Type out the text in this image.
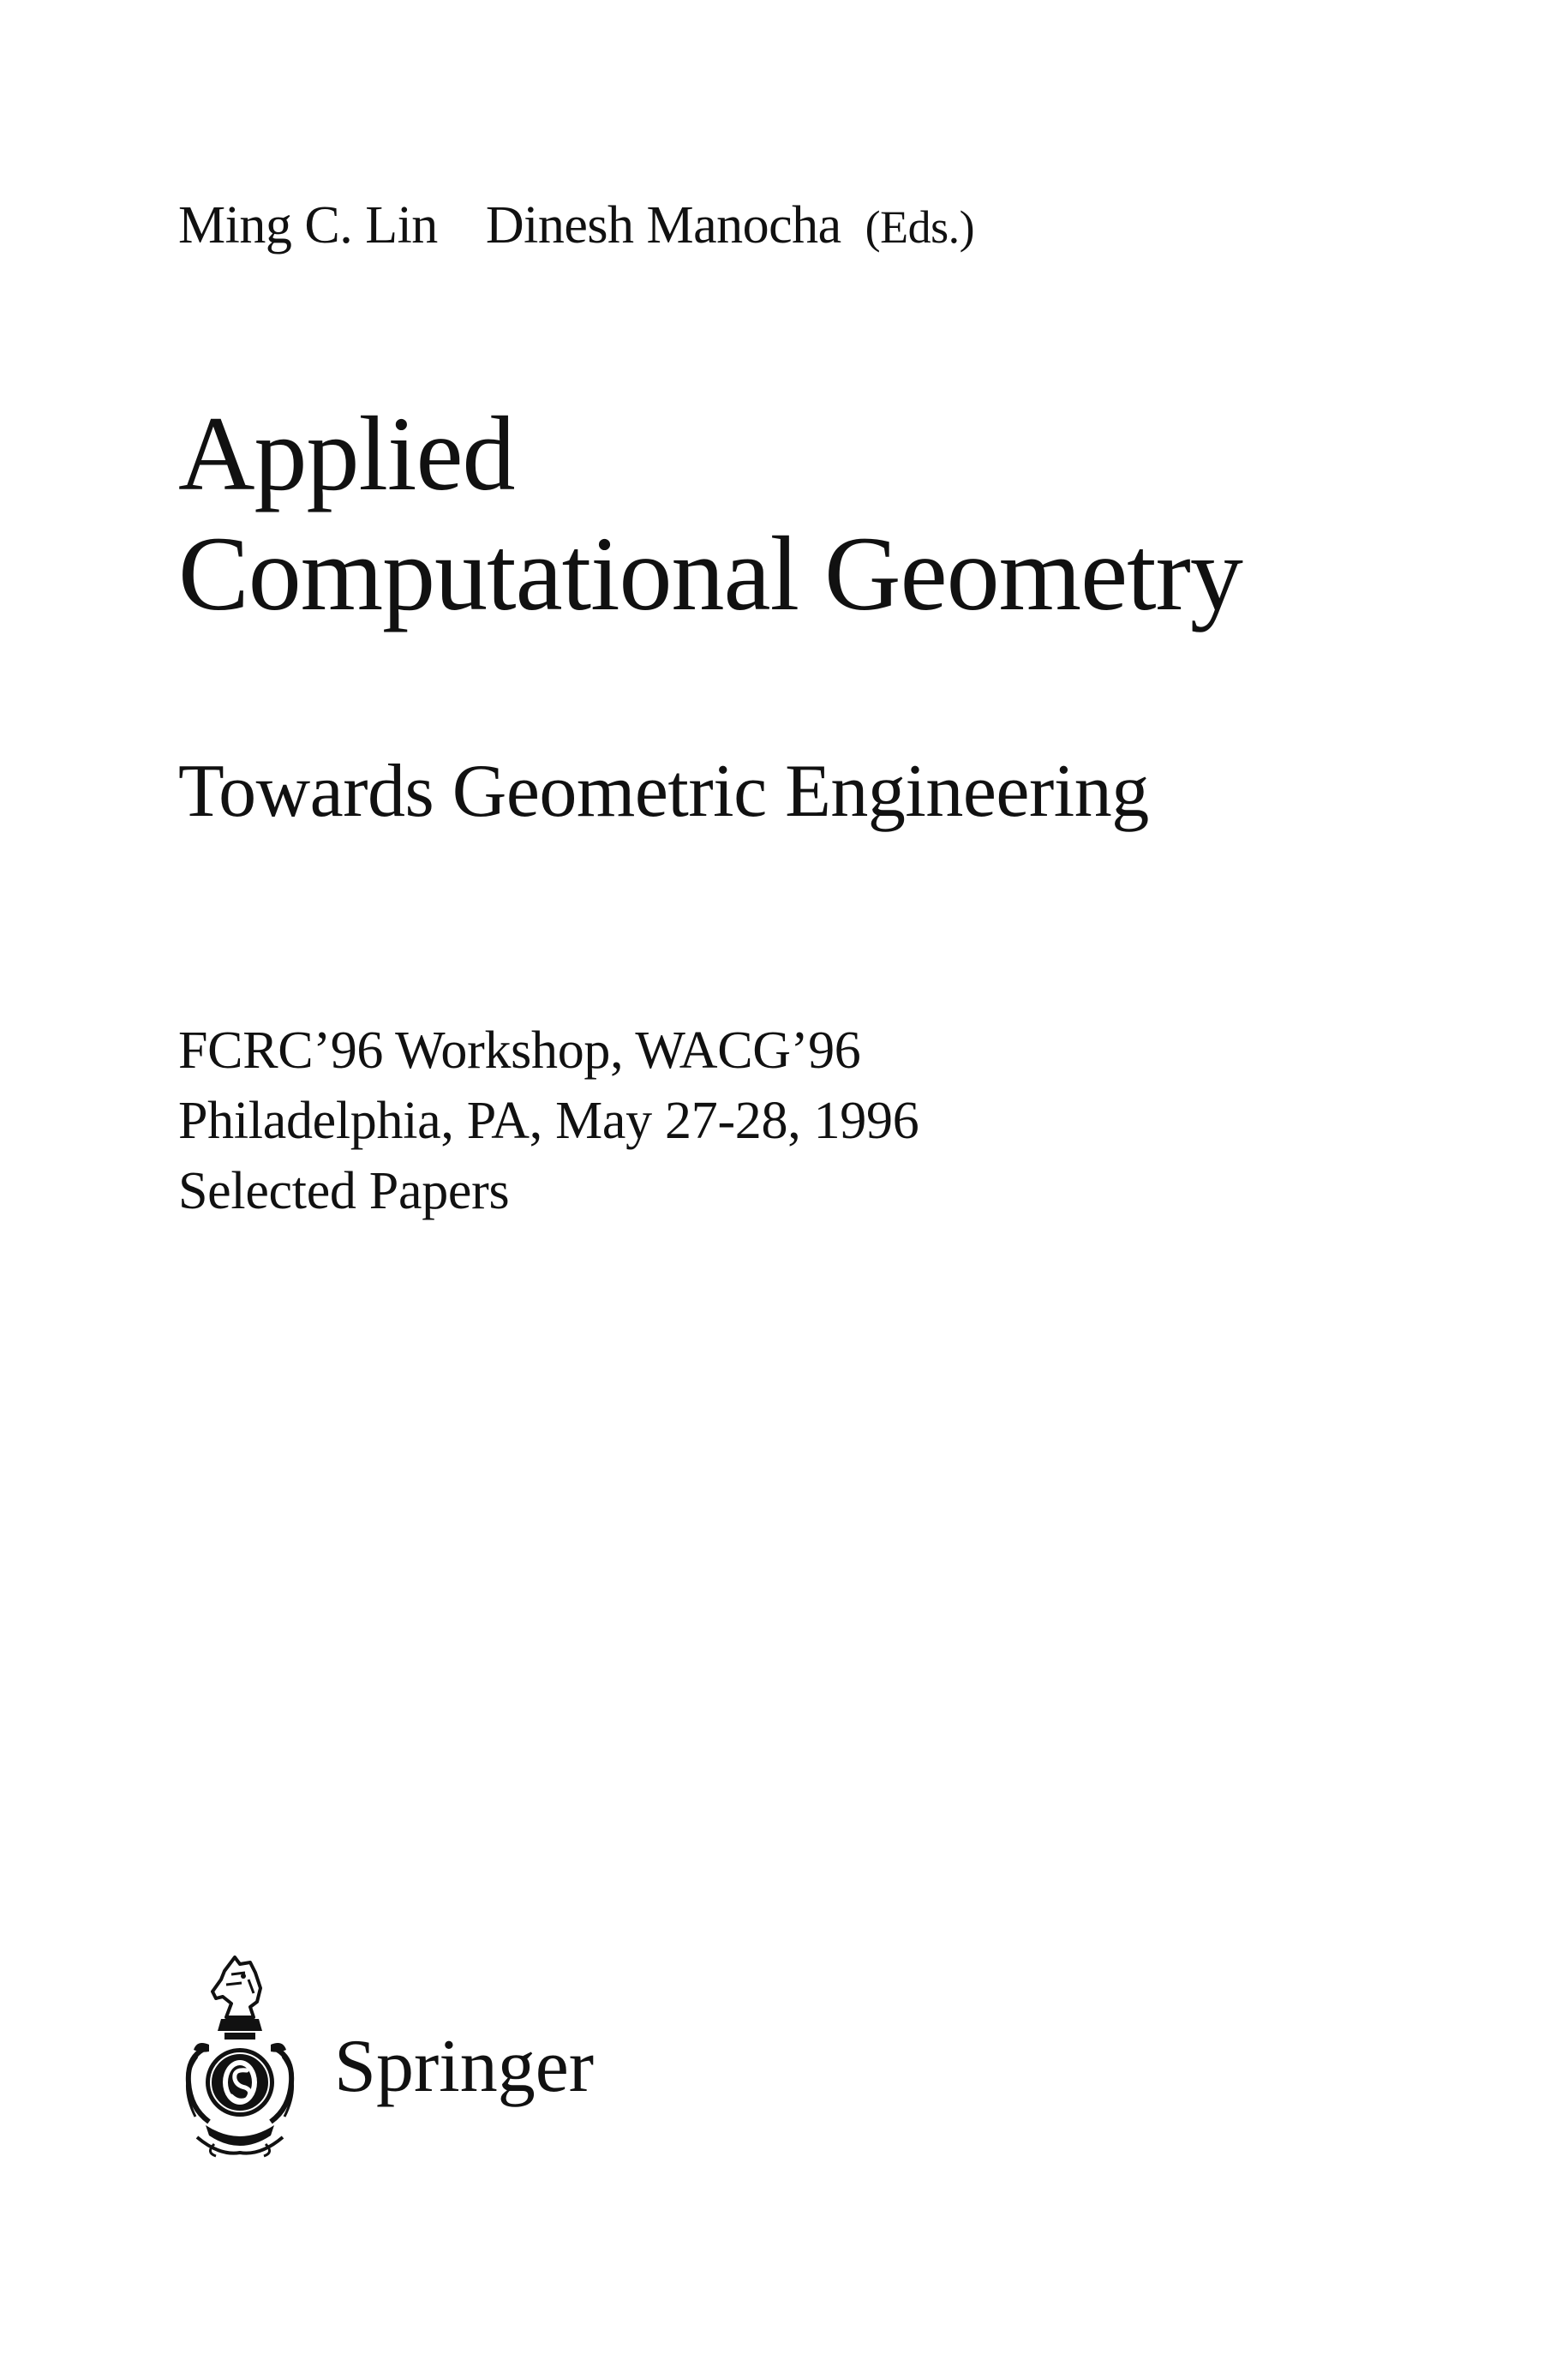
Ming C. Lin Dinesh Manocha (Eds.)
Applied
Computational Geometry
Towards Geometric Engineering
FCRC’96 Workshop, WACG’96
Philadelphia, PA, May 27-28, 1996
Selected Papers
Springer
